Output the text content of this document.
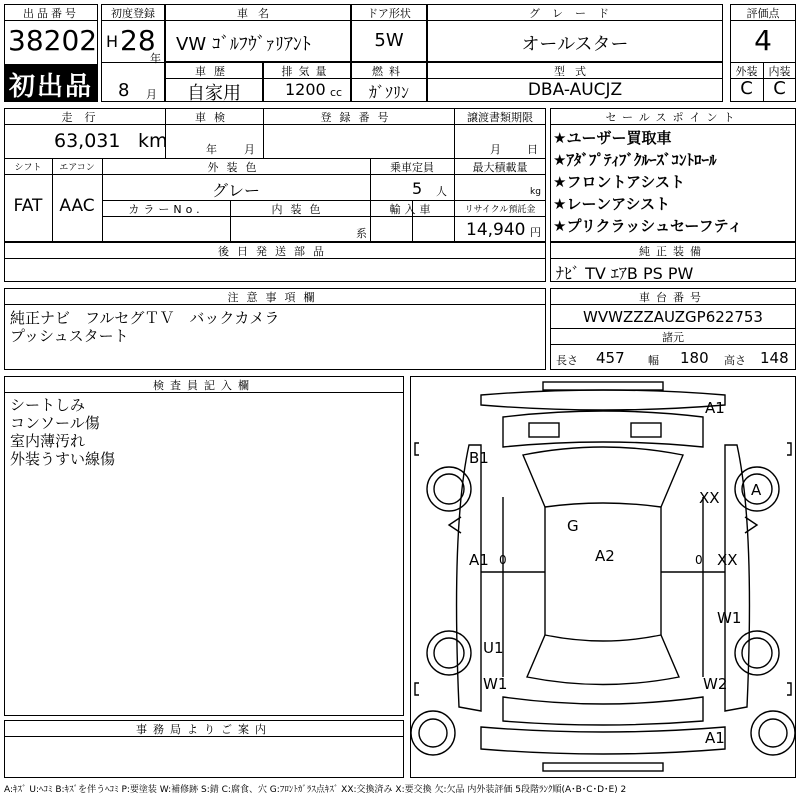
出品番号
38202
初出品
初度登録
H 28
年
8 月
車名
VW ｺﾞﾙﾌｳﾞｧﾘｱﾝﾄ
ドア形状
5W
グレード
オールスター
評価点
4
外装	内装
C	C
車歴
自家用
排気量
1200 cc
燃料
ｶﾞｿﾘﾝ
型式
DBA-AUCJZ
走行
63,031 km
車検
年 月
登録番号	譲渡書類期限
月 日
シフト
FAT
エアコン
AAC
外装色
グレー
乗車定員
5 人
最大積載量
kg
カラーNo.	内装色
系
輸入車	リサイクル預託金
14,940 円
後日発送部品
セールスポイント
★ユーザー買取車
★ｱﾀﾞﾌﾟﾃｨﾌﾞｸﾙｰｽﾞｺﾝﾄﾛｰﾙ
★フロントアシスト
★レーンアシスト
★プリクラッシュセーフティ
純正装備
ﾅﾋﾞ TV ｴｱB PS PW
注意事項欄
純正ナビ　フルセグＴＶ　バックカメラ
プッシュスタート
車台番号
WVWZZZAUZGP622753
諸元
長さ 457 幅 180 高さ 148
検査員記入欄
シートしみ
コンソール傷
室内薄汚れ
外装うすい線傷
事務局よりご案内
A1
B1
XX A
G
A2
A1 0	0 XX
W1
U1
W1	W2
A1
A:ｷｽﾞ U:ﾍｺﾐ B:ｷｽﾞを伴うﾍｺﾐ P:要塗装 W:補修跡 S:錆 C:腐食、穴 G:ﾌﾛﾝﾄｶﾞﾗｽ点ｷｽﾞ XX:交換済み X:要交換 欠:欠品 内外装評価 5段階ﾗﾝｸ順(A･B･C･D･E) 2
